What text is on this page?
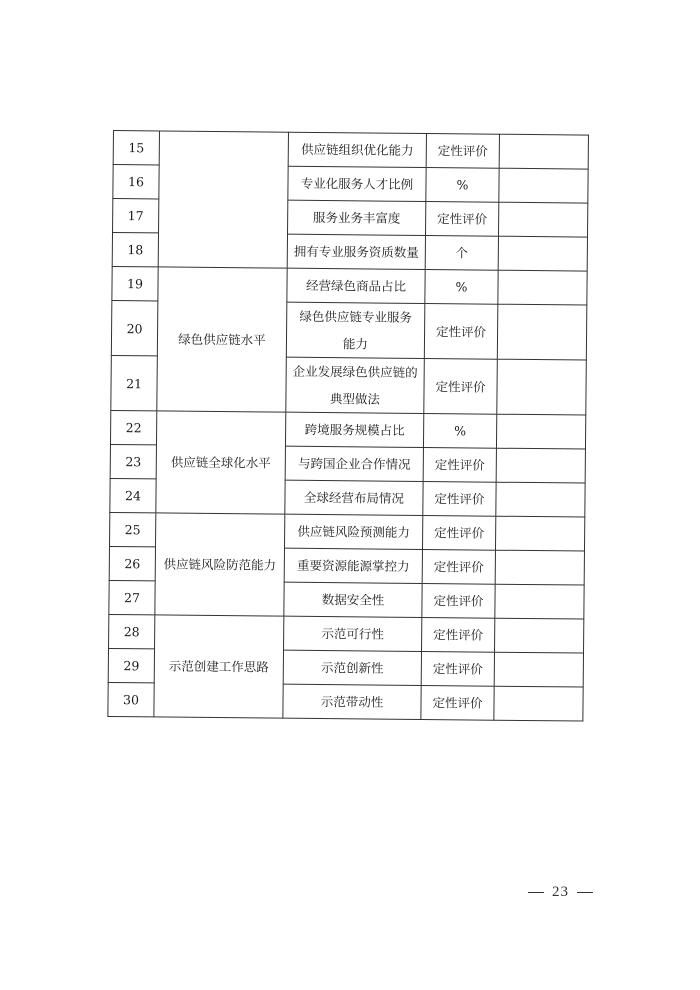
15		供应链组织优化能力	定性评价	
16		专业化服务人才比例	%	
17		服务业务丰富度	定性评价	
18		拥有专业服务资质数量	个	
19	绿色供应链水平	经营绿色商品占比	%	
20		绿色供应链专业服务
能力	定性评价	
21		企业发展绿色供应链的
典型做法	定性评价	
22	供应链全球化水平	跨境服务规模占比	%	
23		与跨国企业合作情况	定性评价	
24		全球经营布局情况	定性评价	
25	供应链风险防范能力	供应链风险预测能力	定性评价	
26		重要资源能源掌控力	定性评价	
27		数据安全性	定性评价	
28	示范创建工作思路	示范可行性	定性评价	
29		示范创新性	定性评价	
30		示范带动性	定性评价	
23
